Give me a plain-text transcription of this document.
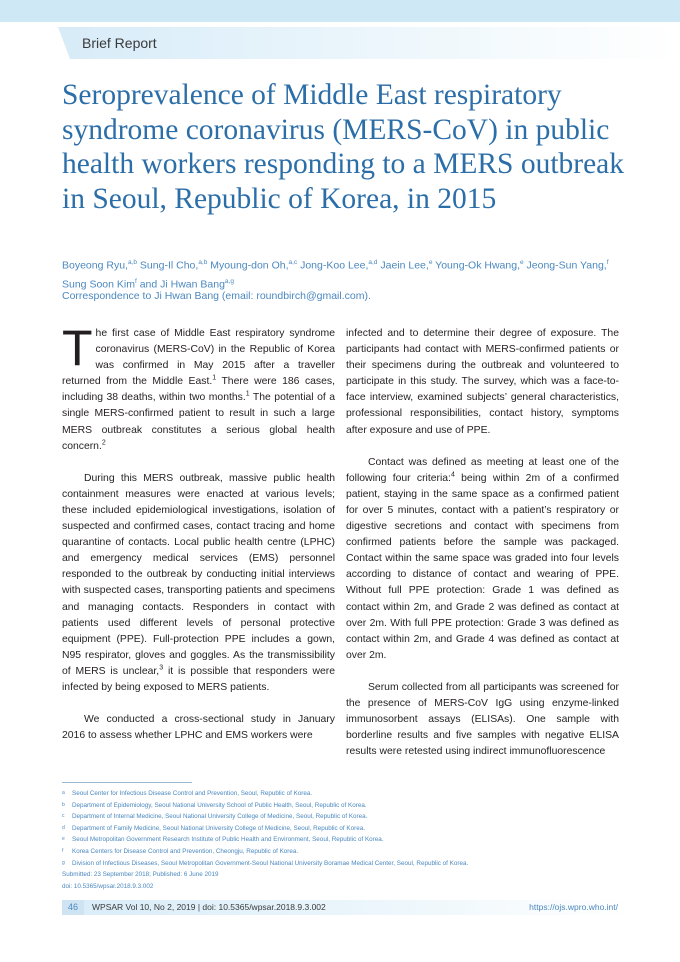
Brief Report
Seroprevalence of Middle East respiratory syndrome coronavirus (MERS-CoV) in public health workers responding to a MERS outbreak in Seoul, Republic of Korea, in 2015
Boyeong Ryu,$^{a,b}$ Sung-Il Cho,$^{a,b}$ Myoung-don Oh,$^{a,c}$ Jong-Koo Lee,$^{a,d}$ Jaein Lee,$^e$ Young-Ok Hwang,$^e$ Jeong-Sun Yang,$^f$ Sung Soon Kim$^f$ and Ji Hwan Bang$^{a,g}$
Correspondence to Ji Hwan Bang (email: roundbirch@gmail.com).

The first case of Middle East respiratory syndrome coronavirus (MERS-CoV) in the Republic of Korea was confirmed in May 2015 after a traveller returned from the Middle East.$^1$ There were 186 cases, including 38 deaths, within two months.$^1$ The potential of a single MERS-confirmed patient to result in such a large MERS outbreak constitutes a serious global health concern.$^2$

During this MERS outbreak, massive public health containment measures were enacted at various levels; these included epidemiological investigations, isolation of suspected and confirmed cases, contact tracing and home quarantine of contacts. Local public health centre (LPHC) and emergency medical services (EMS) personnel responded to the outbreak by conducting initial interviews with suspected cases, transporting patients and specimens and managing contacts. Responders in contact with patients used different levels of personal protective equipment (PPE). Full-protection PPE includes a gown, N95 respirator, gloves and goggles. As the transmissibility of MERS is unclear,$^3$ it is possible that responders were infected by being exposed to MERS patients.

We conducted a cross-sectional study in January 2016 to assess whether LPHC and EMS workers were

infected and to determine their degree of exposure. The participants had contact with MERS-confirmed patients or their specimens during the outbreak and volunteered to participate in this study. The survey, which was a face-to-face interview, examined subjects’ general characteristics, professional responsibilities, contact history, symptoms after exposure and use of PPE.

Contact was defined as meeting at least one of the following four criteria:$^4$ being within 2m of a confirmed patient, staying in the same space as a confirmed patient for over 5 minutes, contact with a patient’s respiratory or digestive secretions and contact with specimens from confirmed patients before the sample was packaged. Contact within the same space was graded into four levels according to distance of contact and wearing of PPE. Without full PPE protection: Grade 1 was defined as contact within 2m, and Grade 2 was defined as contact at over 2m. With full PPE protection: Grade 3 was defined as contact within 2m, and Grade 4 was defined as contact at over 2m.

Serum collected from all participants was screened for the presence of MERS-CoV IgG using enzyme-linked immunosorbent assays (ELISAs). One sample with borderline results and five samples with negative ELISA results were retested using indirect immunofluorescence

a Seoul Center for Infectious Disease Control and Prevention, Seoul, Republic of Korea.
b Department of Epidemiology, Seoul National University School of Public Health, Seoul, Republic of Korea.
c Department of Internal Medicine, Seoul National University College of Medicine, Seoul, Republic of Korea.
d Department of Family Medicine, Seoul National University College of Medicine, Seoul, Republic of Korea.
e Seoul Metropolitan Government Research Institute of Public Health and Environment, Seoul, Republic of Korea.
f Korea Centers for Disease Control and Prevention, Cheongju, Republic of Korea.
g Division of Infectious Diseases, Seoul Metropolitan Government-Seoul National University Boramae Medical Center, Seoul, Republic of Korea.
Submitted: 23 September 2018; Published: 6 June 2019
doi: 10.5365/wpsar.2018.9.3.002
46	WPSAR Vol 10, No 2, 2019 | doi: 10.5365/wpsar.2018.9.3.002	https://ojs.wpro.who.int/
